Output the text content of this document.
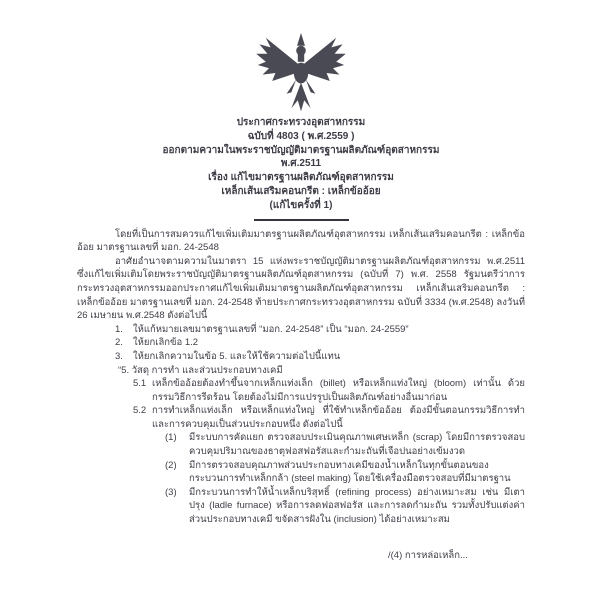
ประกาศกระทรวงอุตสาหกรรม
ฉบับที่ 4803 ( พ.ศ.2559 )
ออกตามความในพระราชบัญญัติมาตรฐานผลิตภัณฑ์อุตสาหกรรม
พ.ศ.2511
เรื่อง แก้ไขมาตรฐานผลิตภัณฑ์อุตสาหกรรม
เหล็กเส้นเสริมคอนกรีต : เหล็กข้ออ้อย
(แก้ไขครั้งที่ 1)

โดยที่เป็นการสมควรแก้ไขเพิ่มเติมมาตรฐานผลิตภัณฑ์อุตสาหกรรม เหล็กเส้นเสริมคอนกรีต : เหล็กข้ออ้อย มาตรฐานเลขที่ มอก. 24-2548

อาศัยอำนาจตามความในมาตรา 15 แห่งพระราชบัญญัติมาตรฐานผลิตภัณฑ์อุตสาหกรรม พ.ศ.2511 ซึ่งแก้ไขเพิ่มเติมโดยพระราชบัญญัติมาตรฐานผลิตภัณฑ์อุตสาหกรรม (ฉบับที่ 7) พ.ศ. 2558 รัฐมนตรีว่าการกระทรวงอุตสาหกรรมออกประกาศแก้ไขเพิ่มเติมมาตรฐานผลิตภัณฑ์อุตสาหกรรม เหล็กเส้นเสริมคอนกรีต : เหล็กข้ออ้อย มาตรฐานเลขที่ มอก. 24-2548 ท้ายประกาศกระทรวงอุตสาหกรรม ฉบับที่ 3334 (พ.ศ.2548) ลงวันที่ 26 เมษายน พ.ศ.2548 ดังต่อไปนี้

1.	ให้แก้หมายเลขมาตรฐานเลขที่ “มอก. 24-2548” เป็น “มอก. 24-2559”
2.	ให้ยกเลิกข้อ 1.2
3.	ให้ยกเลิกความในข้อ 5. และให้ใช้ความต่อไปนี้แทน
“5. วัสดุ การทำ และส่วนประกอบทางเคมี
5.1 เหล็กข้ออ้อยต้องทำขึ้นจากเหล็กแท่งเล็ก (billet) หรือเหล็กแท่งใหญ่ (bloom) เท่านั้น ด้วยกรรมวิธีการรีดร้อน โดยต้องไม่มีการแปรรูปเป็นผลิตภัณฑ์อย่างอื่นมาก่อน
5.2 การทำเหล็กแท่งเล็ก หรือเหล็กแท่งใหญ่ ที่ใช้ทำเหล็กข้ออ้อย ต้องมีขั้นตอนกรรมวิธีการทำและการควบคุมเป็นส่วนประกอบหนึ่ง ดังต่อไปนี้
(1)	มีระบบการคัดแยก ตรวจสอบประเมินคุณภาพเศษเหล็ก (scrap) โดยมีการตรวจสอบควบคุมปริมาณของธาตุฟอสฟอรัสและกำมะถันที่เจือปนอย่างเข้มงวด
(2)	มีการตรวจสอบคุณภาพส่วนประกอบทางเคมีของน้ำเหล็กในทุกขั้นตอนของกระบวนการทำเหล็กกล้า (steel making) โดยใช้เครื่องมือตรวจสอบที่มีมาตรฐาน
(3)	มีกระบวนการทำให้น้ำเหล็กบริสุทธิ์ (refining process) อย่างเหมาะสม เช่น มีเตาปรุง (ladle furnace) หรือการลดฟอสฟอรัส และการลดกำมะถัน รวมทั้งปรับแต่งค่าส่วนประกอบทางเคมี ขจัดสารฝังใน (inclusion) ได้อย่างเหมาะสม
/(4) การหล่อเหล็ก...
